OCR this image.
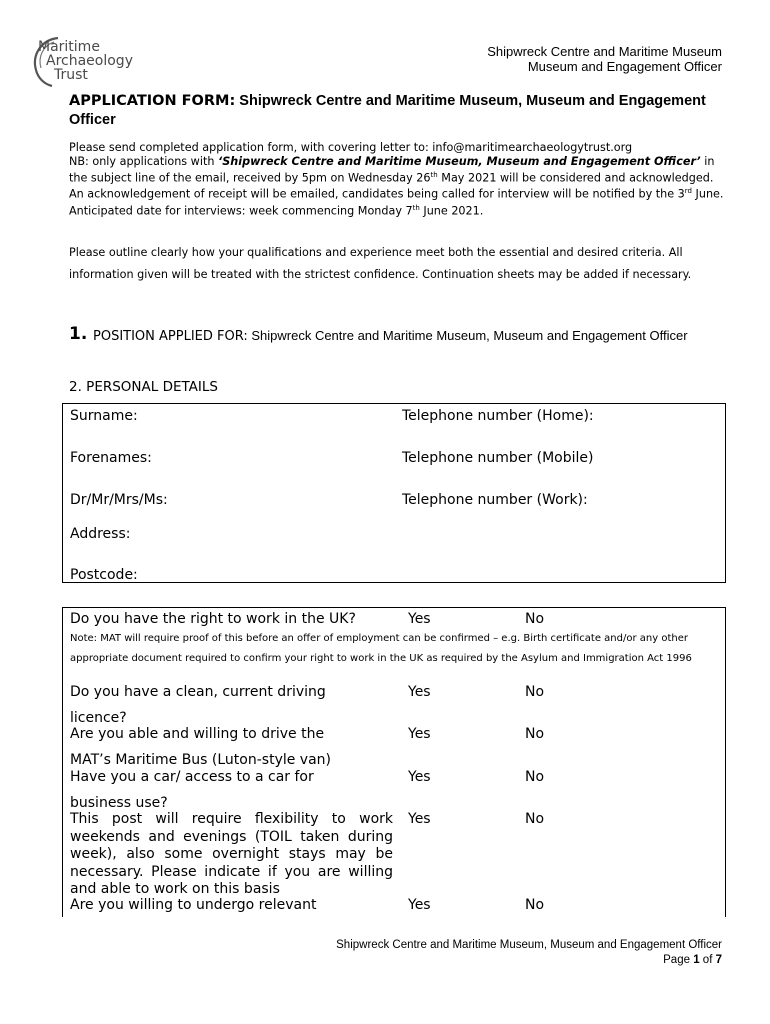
Maritime
Archaeology
Trust
Shipwreck Centre and Maritime Museum
Museum and Engagement Officer
APPLICATION FORM: Shipwreck Centre and Maritime Museum, Museum and Engagement Officer

Please send completed application form, with covering letter to: info@maritimearchaeologytrust.org

NB: only applications with ‘Shipwreck Centre and Maritime Museum, Museum and Engagement Officer’ in the subject line of the email, received by 5pm on Wednesday 26th May 2021 will be considered and acknowledged. An acknowledgement of receipt will be emailed, candidates being called for interview will be notified by the 3rd June. Anticipated date for interviews: week commencing Monday 7th June 2021.

Please outline clearly how your qualifications and experience meet both the essential and desired criteria. All information given will be treated with the strictest confidence. Continuation sheets may be added if necessary.
1. POSITION APPLIED FOR: Shipwreck Centre and Maritime Museum, Museum and Engagement Officer
2. PERSONAL DETAILS
Surname:	Telephone number (Home):
Forenames:	Telephone number (Mobile)
Dr/Mr/Mrs/Ms:	Telephone number (Work):
Address:
Postcode:
Do you have the right to work in the UK?	Yes	No
Note: MAT will require proof of this before an offer of employment can be confirmed – e.g. Birth certificate and/or any other appropriate document required to confirm your right to work in the UK as required by the Asylum and Immigration Act 1996
Do you have a clean, current driving
licence?
Yes	No
Are you able and willing to drive the
MAT’s Maritime Bus (Luton-style van)
Yes	No
Have you a car/ access to a car for
business use?
Yes	No
This post will require flexibility to work weekends and evenings (TOIL taken during week), also some overnight stays may be necessary. Please indicate if you are willing and able to work on this basis
Yes	No
Are you willing to undergo relevant	Yes	No
Shipwreck Centre and Maritime Museum, Museum and Engagement Officer
Page 1 of 7
